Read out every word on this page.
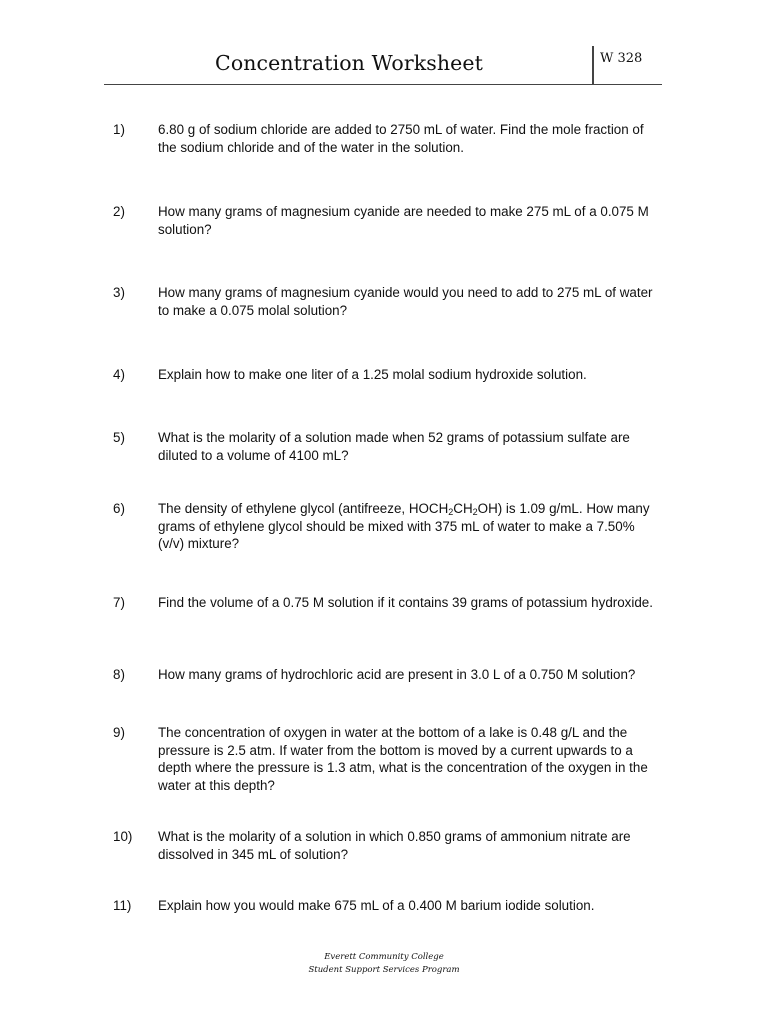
Concentration Worksheet	W 328
1) 6.80 g of sodium chloride are added to 2750 mL of water. Find the mole fraction of the sodium chloride and of the water in the solution.
2) How many grams of magnesium cyanide are needed to make 275 mL of a 0.075 M solution?
3) How many grams of magnesium cyanide would you need to add to 275 mL of water to make a 0.075 molal solution?
4) Explain how to make one liter of a 1.25 molal sodium hydroxide solution.
5) What is the molarity of a solution made when 52 grams of potassium sulfate are diluted to a volume of 4100 mL?
6) The density of ethylene glycol (antifreeze, $HOCH_2CH_2OH$) is 1.09 g/mL. How many grams of ethylene glycol should be mixed with 375 mL of water to make a 7.50% (v/v) mixture?
7) Find the volume of a 0.75 M solution if it contains 39 grams of potassium hydroxide.
8) How many grams of hydrochloric acid are present in 3.0 L of a 0.750 M solution?
9) The concentration of oxygen in water at the bottom of a lake is 0.48 g/L and the pressure is 2.5 atm. If water from the bottom is moved by a current upwards to a depth where the pressure is 1.3 atm, what is the concentration of the oxygen in the water at this depth?
10) What is the molarity of a solution in which 0.850 grams of ammonium nitrate are dissolved in 345 mL of solution?
11) Explain how you would make 675 mL of a 0.400 M barium iodide solution.
Everett Community College
Student Support Services Program
